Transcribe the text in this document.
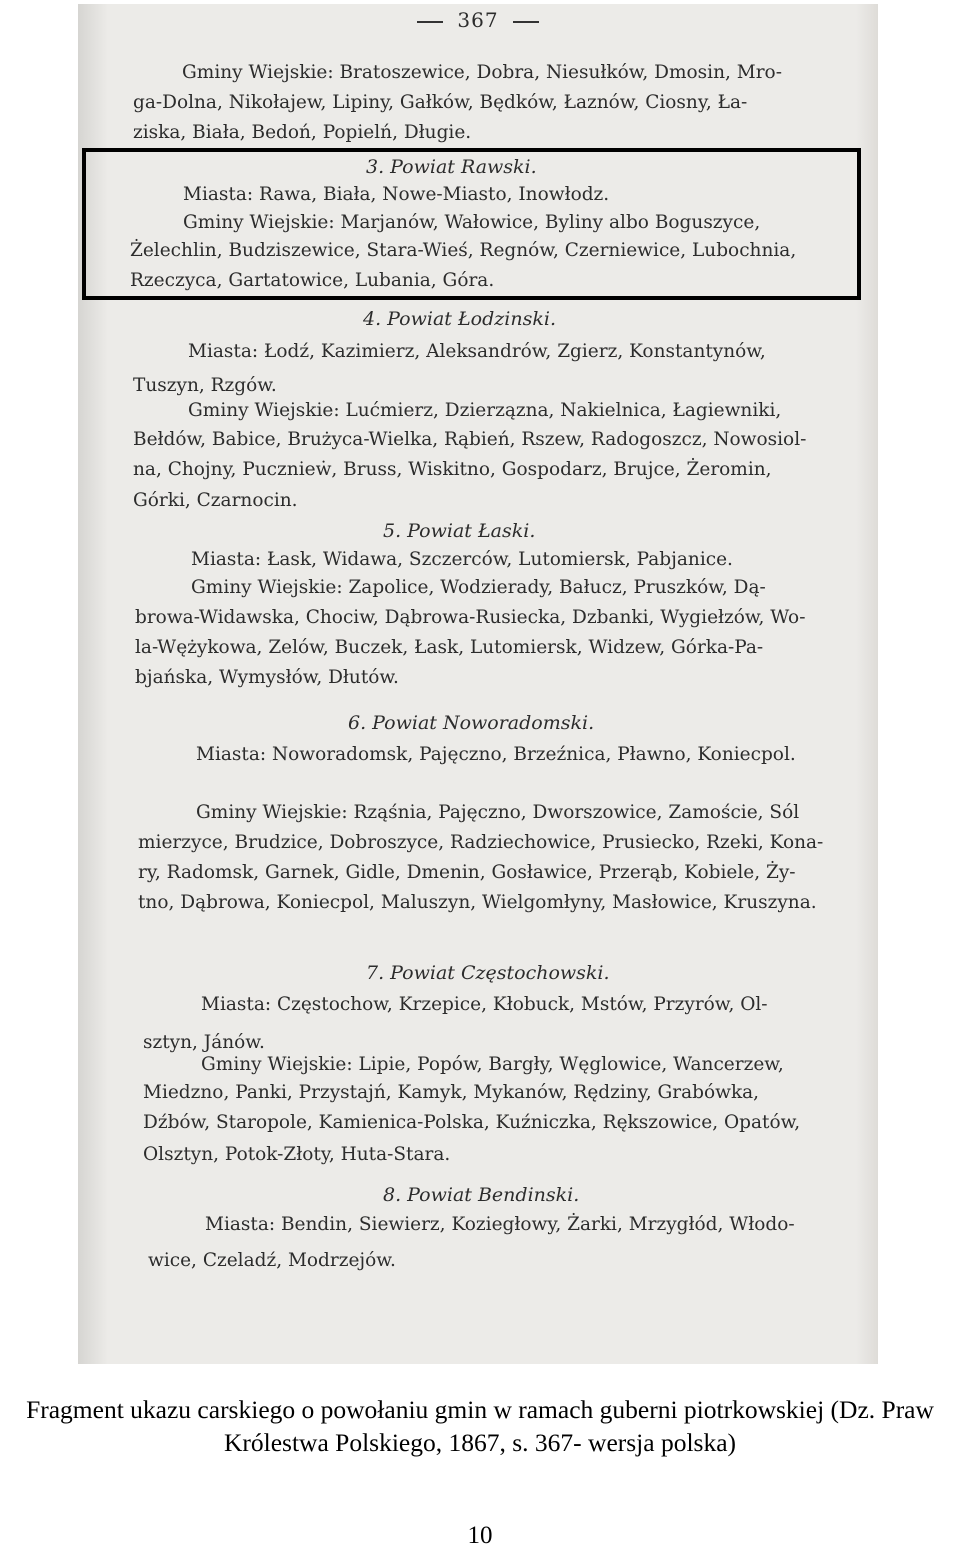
367
Gminy Wiejskie: Bratoszewice, Dobra, Niesułków, Dmosin, Mro-
ga-Dolna, Nikołajew, Lipiny, Gałków, Będków, Łaznów, Ciosny, Ła-
ziska, Biała, Bedoń, Popielń, Długie.
3. Powiat Rawski.
Miasta: Rawa, Biała, Nowe-Miasto, Inowłodz.
Gminy Wiejskie: Marjanów, Wałowice, Byliny albo Boguszyce,
Żelechlin, Budziszewice, Stara-Wieś, Regnów, Czerniewice, Lubochnia,
Rzeczyca, Gartatowice, Lubania, Góra.
4. Powiat Łodzinski.
Miasta: Łodź, Kazimierz, Aleksandrów, Zgierz, Konstantynów,
Tuszyn, Rzgów.
Gminy Wiejskie: Lućmierz, Dzierząznа, Nakielnica, Łagiewniki,
Bełdów, Babice, Brużyca-Wielka, Rąbień, Rszew, Radogoszcz, Nowosiol-
na, Chojny, Pucznieẇ, Bruss, Wiskitno, Gospodarz, Brujce, Żeromin,
Górki, Czarnocin.
5. Powiat Łaski.
Miasta: Łask, Widawa, Szczerców, Lutomiersk, Pabjanice.
Gminy Wiejskie: Zapolice, Wodzierady, Bałucz, Pruszków, Dą-
browa-Widawska, Chociw, Dąbrowa-Rusiecka, Dzbanki, Wygiełzów, Wo-
la-Wężykowa, Zelów, Buczek, Łask, Lutomiersk, Widzew, Górka-Pa-
bjańska, Wymysłów, Dłutów.
6. Powiat Noworadomski.
Miasta: Noworadomsk, Pajęczno, Brzeźnica, Pławno, Koniecpol.
Gminy Wiejskie: Rząśnia, Pajęczno, Dworszowice, Zamoście, Sól
mierzyce, Brudzice, Dobroszyce, Radziechowice, Prusiecko, Rzeki, Kona-
ry, Radomsk, Garnek, Gidle, Dmenin, Gosławice, Przerąb, Kobiele, Ży-
tno, Dąbrowa, Koniecpol, Maluszyn, Wielgomłyny, Masłowice, Kruszyna.
7. Powiat Częstochowski.
Miasta: Częstochow, Krzepice, Kłobuck, Mstów, Przyrów, Ol-
sztyn, Jánów.
Gminy Wiejskie: Lipie, Popów, Bargły, Węglowice, Wancerzew,
Miedzno, Panki, Przystajń, Kamyk, Mykanów, Rędziny, Grabówka,
Dźbów, Staropole, Kamienica-Polska, Kuźniczka, Rększowice, Opatów,
Olsztyn, Potok-Złoty, Huta-Stara.
8. Powiat Bendinski.
Miasta: Bendin, Siewierz, Koziegłowy, Żarki, Mrzygłód, Włodo-
wice, Czeladź, Modrzejów.
Fragment ukazu carskiego o powołaniu gmin w ramach guberni piotrkowskiej (Dz. Praw
Królestwa Polskiego, 1867, s. 367- wersja polska)
10
